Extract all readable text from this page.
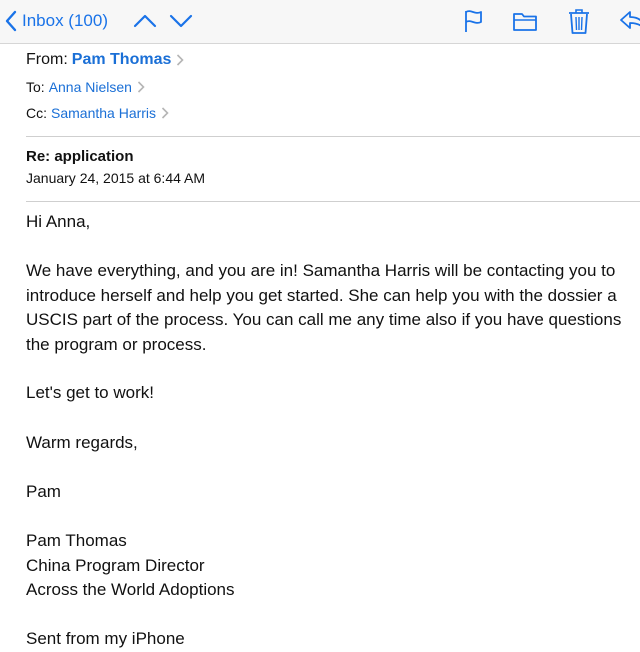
Inbox (100)
From: Pam Thomas
To: Anna Nielsen
Cc: Samantha Harris
Re: application
January 24, 2015 at 6:44 AM
Hi Anna,
We have everything, and you are in! Samantha Harris will be contacting you to
introduce herself and help you get started. She can help you with the dossier a
USCIS part of the process. You can call me any time also if you have questions
the program or process.
Let's get to work!
Warm regards,
Pam
Pam Thomas
China Program Director
Across the World Adoptions
Sent from my iPhone
